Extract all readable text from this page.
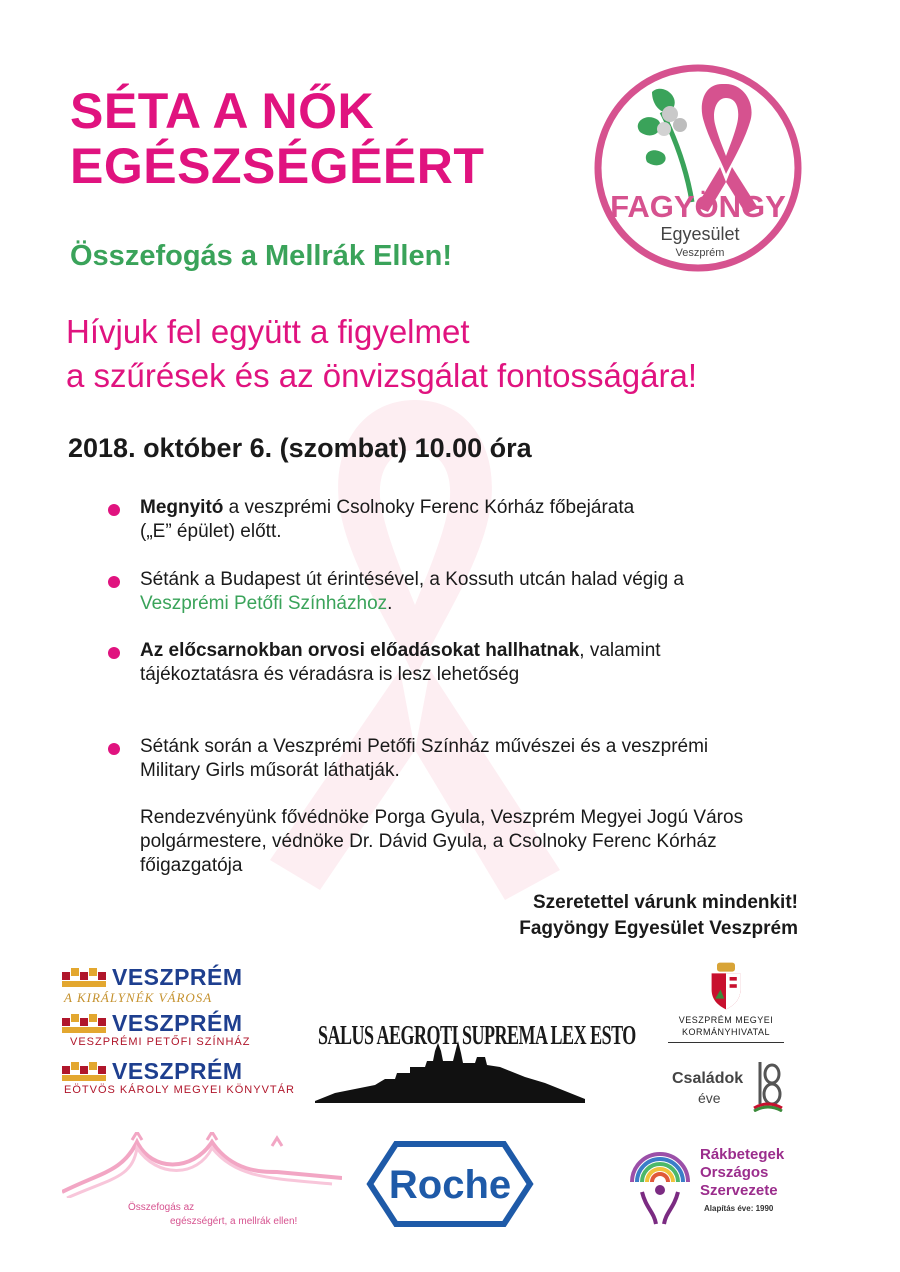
SÉTA A NŐK
EGÉSZSÉGÉÉRT
Összefogás a Mellrák Ellen!
Hívjuk fel együtt a figyelmet
a szűrések és az önvizsgálat fontosságára!
2018. október 6. (szombat) 10.00 óra
FAGYÖNGY
Egyesület
Veszprém
Megnyitó a veszprémi Csolnoky Ferenc Kórház főbejárata
(„E” épület) előtt.
Sétánk a Budapest út érintésével, a Kossuth utcán halad végig a
Veszprémi Petőfi Színházhoz.
Az előcsarnokban orvosi előadásokat hallhatnak, valamint
tájékoztatásra és véradásra is lesz lehetőség
Sétánk során a Veszprémi Petőfi Színház művészei és a veszprémi
Military Girls műsorát láthatják.
Rendezvényünk fővédnöke Porga Gyula, Veszprém Megyei Jogú Város
polgármestere, védnöke Dr. Dávid Gyula, a Csolnoky Ferenc Kórház
főigazgatója
Szeretettel várunk mindenkit!
Fagyöngy Egyesület Veszprém
VESZPRÉM
A KIRÁLYNÉK VÁROSA
VESZPRÉM
VESZPRÉMI PETŐFI SZÍNHÁZ
VESZPRÉM
EÖTVÖS KÁROLY MEGYEI KÖNYVTÁR
SALUS AEGROTI SUPREMA LEX ESTO	VESZPRÉM MEGYEI
KORMÁNYHIVATAL
Családok
éve
Összefogás az
egészségért, a mellrák ellen!
Roche
Rákbetegek
Országos
Szervezete
Alapítás éve: 1990
